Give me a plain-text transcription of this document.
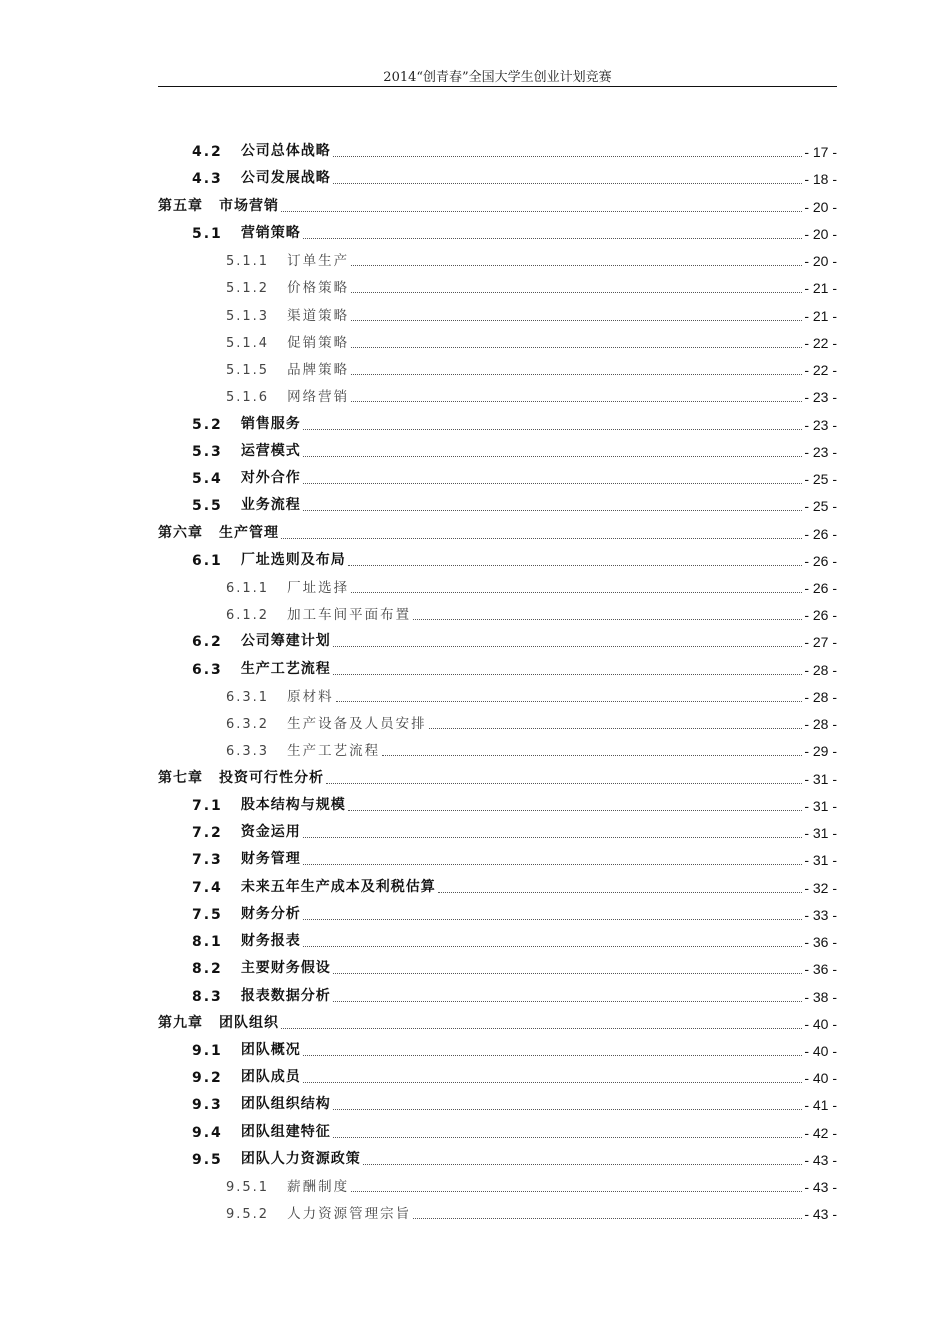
2014“创青春”全国大学生创业计划竞赛
4.2 公司总体战略	- 17 -
4.3 公司发展战略	- 18 -
第五章 市场营销	- 20 -
5.1 营销策略	- 20 -
5.1.1 订单生产	- 20 -
5.1.2 价格策略	- 21 -
5.1.3 渠道策略	- 21 -
5.1.4 促销策略	- 22 -
5.1.5 品牌策略	- 22 -
5.1.6 网络营销	- 23 -
5.2 销售服务	- 23 -
5.3 运营模式	- 23 -
5.4 对外合作	- 25 -
5.5 业务流程	- 25 -
第六章 生产管理	- 26 -
6.1 厂址选则及布局	- 26 -
6.1.1 厂址选择	- 26 -
6.1.2 加工车间平面布置	- 26 -
6.2 公司筹建计划	- 27 -
6.3 生产工艺流程	- 28 -
6.3.1 原材料	- 28 -
6.3.2 生产设备及人员安排	- 28 -
6.3.3 生产工艺流程	- 29 -
第七章 投资可行性分析	- 31 -
7.1 股本结构与规模	- 31 -
7.2 资金运用	- 31 -
7.3 财务管理	- 31 -
7.4 未来五年生产成本及利税估算	- 32 -
7.5 财务分析	- 33 -
8.1 财务报表	- 36 -
8.2 主要财务假设	- 36 -
8.3 报表数据分析	- 38 -
第九章 团队组织	- 40 -
9.1 团队概况	- 40 -
9.2 团队成员	- 40 -
9.3 团队组织结构	- 41 -
9.4 团队组建特征	- 42 -
9.5 团队人力资源政策	- 43 -
9.5.1 薪酬制度	- 43 -
9.5.2 人力资源管理宗旨	- 43 -
